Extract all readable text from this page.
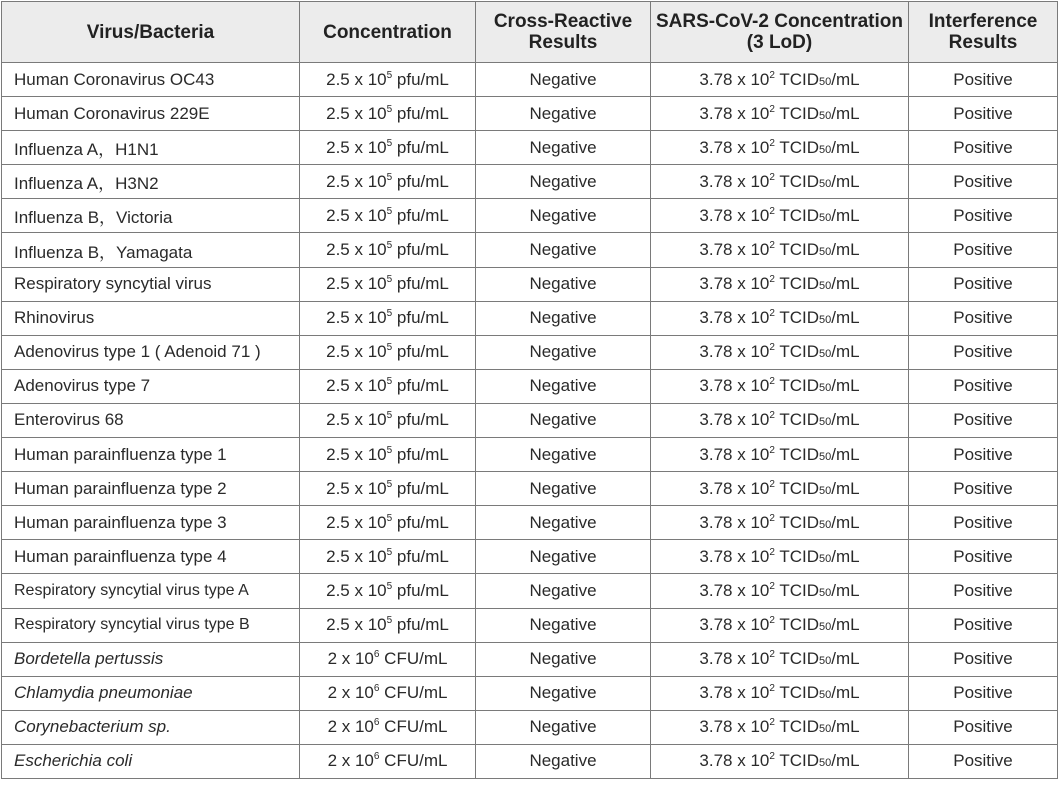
Virus/Bacteria	Concentration	Cross-Reactive Results	SARS-CoV-2 Concentration (3 LoD)	Interference Results
Human Coronavirus OC43	2.5 x $10^5$ pfu/mL	Negative	3.78 x $10^2$ TCID50/mL	Positive
Human Coronavirus 229E	2.5 x $10^5$ pfu/mL	Negative	3.78 x $10^2$ TCID50/mL	Positive
Influenza A，H1N1	2.5 x $10^5$ pfu/mL	Negative	3.78 x $10^2$ TCID50/mL	Positive
Influenza A，H3N2	2.5 x $10^5$ pfu/mL	Negative	3.78 x $10^2$ TCID50/mL	Positive
Influenza B，Victoria	2.5 x $10^5$ pfu/mL	Negative	3.78 x $10^2$ TCID50/mL	Positive
Influenza B，Yamagata	2.5 x $10^5$ pfu/mL	Negative	3.78 x $10^2$ TCID50/mL	Positive
Respiratory syncytial virus	2.5 x $10^5$ pfu/mL	Negative	3.78 x $10^2$ TCID50/mL	Positive
Rhinovirus	2.5 x $10^5$ pfu/mL	Negative	3.78 x $10^2$ TCID50/mL	Positive
Adenovirus type 1 ( Adenoid 71 )	2.5 x $10^5$ pfu/mL	Negative	3.78 x $10^2$ TCID50/mL	Positive
Adenovirus type 7	2.5 x $10^5$ pfu/mL	Negative	3.78 x $10^2$ TCID50/mL	Positive
Enterovirus 68	2.5 x $10^5$ pfu/mL	Negative	3.78 x $10^2$ TCID50/mL	Positive
Human parainfluenza type 1	2.5 x $10^5$ pfu/mL	Negative	3.78 x $10^2$ TCID50/mL	Positive
Human parainfluenza type 2	2.5 x $10^5$ pfu/mL	Negative	3.78 x $10^2$ TCID50/mL	Positive
Human parainfluenza type 3	2.5 x $10^5$ pfu/mL	Negative	3.78 x $10^2$ TCID50/mL	Positive
Human parainfluenza type 4	2.5 x $10^5$ pfu/mL	Negative	3.78 x $10^2$ TCID50/mL	Positive
Respiratory syncytial virus type A	2.5 x $10^5$ pfu/mL	Negative	3.78 x $10^2$ TCID50/mL	Positive
Respiratory syncytial virus type B	2.5 x $10^5$ pfu/mL	Negative	3.78 x $10^2$ TCID50/mL	Positive
Bordetella pertussis	2 x $10^6$ CFU/mL	Negative	3.78 x $10^2$ TCID50/mL	Positive
Chlamydia pneumoniae	2 x $10^6$ CFU/mL	Negative	3.78 x $10^2$ TCID50/mL	Positive
Corynebacterium sp.	2 x $10^6$ CFU/mL	Negative	3.78 x $10^2$ TCID50/mL	Positive
Escherichia coli	2 x $10^6$ CFU/mL	Negative	3.78 x $10^2$ TCID50/mL	Positive
